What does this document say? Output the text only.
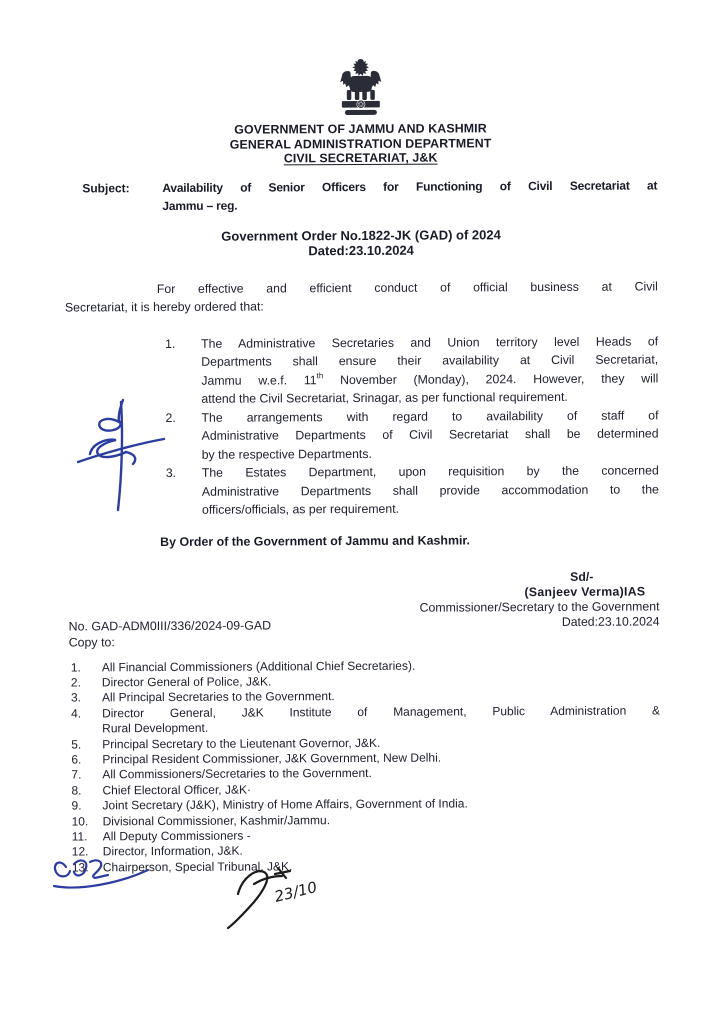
GOVERNMENT OF JAMMU AND KASHMIR
GENERAL ADMINISTRATION DEPARTMENT
CIVIL SECRETARIAT, J&K
Subject:	Availability of Senior Officers for Functioning of Civil Secretariat at
Jammu – reg.
Government Order No.1822-JK (GAD) of 2024
Dated:23.10.2024
For effective and efficient conduct of official business at Civil
Secretariat, it is hereby ordered that:
1.	The Administrative Secretaries and Union territory level Heads of
Departments shall ensure their availability at Civil Secretariat,
Jammu w.e.f. 11th November (Monday), 2024. However, they will
attend the Civil Secretariat, Srinagar, as per functional requirement.
2.	The arrangements with regard to availability of staff of
Administrative Departments of Civil Secretariat shall be determined
by the respective Departments.
3.	The Estates Department, upon requisition by the concerned
Administrative Departments shall provide accommodation to the
officers/officials, as per requirement.
By Order of the Government of Jammu and Kashmir.
Sd/-
(Sanjeev Verma)IAS
Commissioner/Secretary to the Government
Dated:23.10.2024
No. GAD-ADM0III/336/2024-09-GAD
Copy to:
1.	All Financial Commissioners (Additional Chief Secretaries).
2.	Director General of Police, J&K.
3.	All Principal Secretaries to the Government.
4.	Director General, J&K Institute of Management, Public Administration &
Rural Development.
5.	Principal Secretary to the Lieutenant Governor, J&K.
6.	Principal Resident Commissioner, J&K Government, New Delhi.
7.	All Commissioners/Secretaries to the Government.
8.	Chief Electoral Officer, J&K·
9.	Joint Secretary (J&K), Ministry of Home Affairs, Government of India.
10.	Divisional Commissioner, Kashmir/Jammu.
11.	All Deputy Commissioners -
12.	Director, Information, J&K.
13.	Chairperson, Special Tribunal, J&K.
23/10
